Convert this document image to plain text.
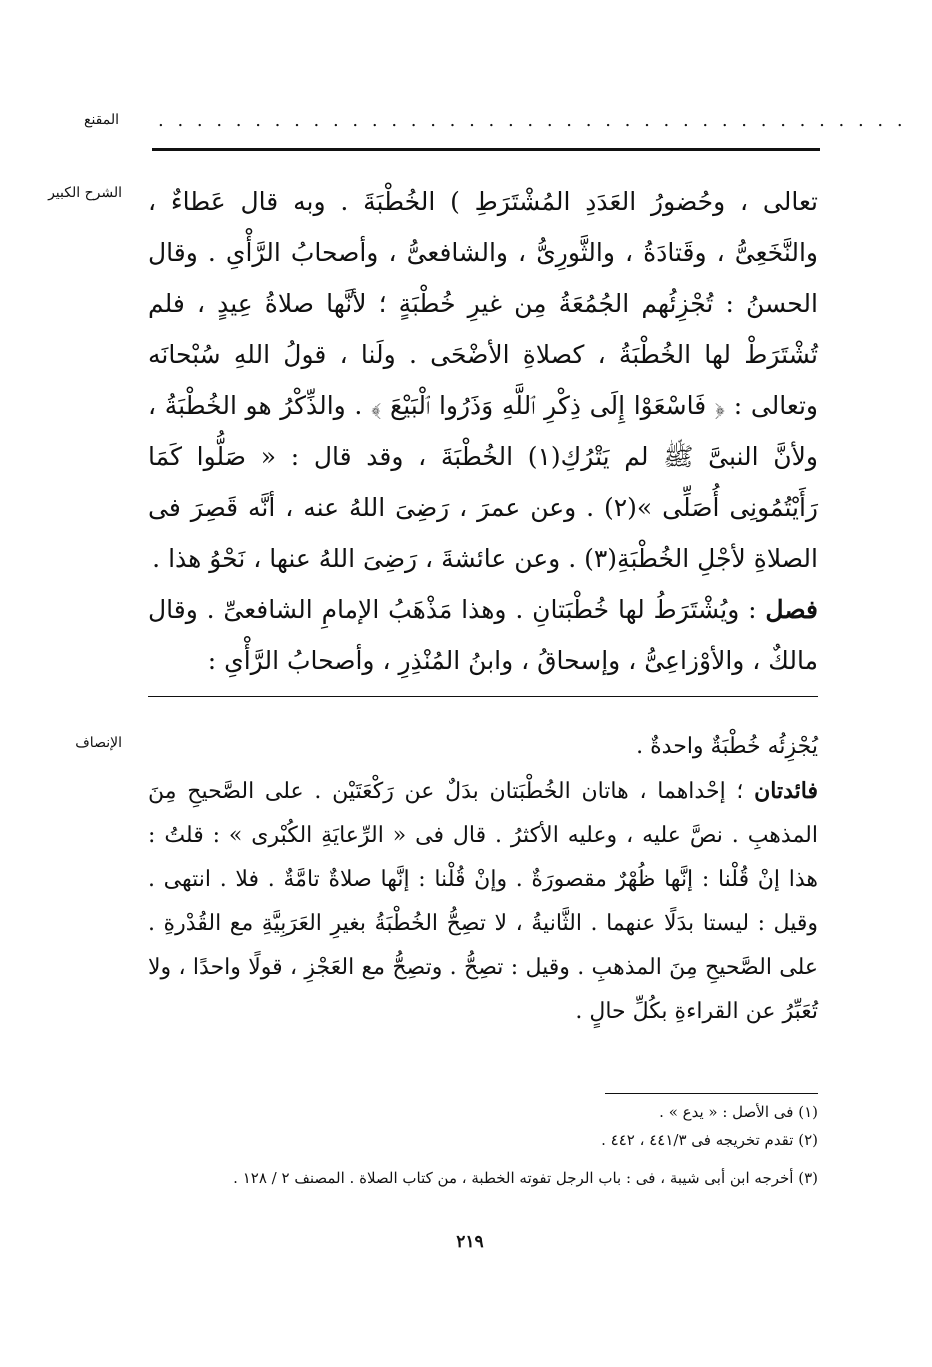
المقنع	. . . . . . . . . . . . . . . . . . . . . . . . . . . . . . . . . . . . . . .
الشرح الكبير تعالى ، وحُضورُ العَدَدِ المُشْتَرَطِ ) الخُطْبَةَ . وبه قال عَطاءٌ ، والنَّخَعِىُّ ، وقَتادَةُ ، والثَّورِىُّ ، والشافعىُّ ، وأصحابُ الرَّأْىِ . وقال الحسنُ : تُجْزِئُهم الجُمُعَةُ مِن غيرِ خُطْبَةٍ ؛ لأنَّها صلاةُ عِيدٍ ، فلم تُشْتَرَطْ لها الخُطْبَةُ ، كصلاةِ الأضْحَى . ولَنا ، قولُ اللهِ سُبْحانَه وتعالى : ﴿ فَاسْعَوْا إِلَى ذِكْرِ ٱللَّهِ وَذَرُوا ٱلْبَيْعَ ﴾ . والذِّكْرُ هو الخُطْبَةُ ، ولأنَّ النبىَّ ﷺ لم يَتْرُكِ(١) الخُطْبَةَ ، وقد قال : « صَلُّوا كَمَا رَأَيْتُمُونِى أُصَلِّى »(٢) . وعن عمرَ ، رَضِىَ اللهُ عنه ، أنَّه قَصِرَ فى الصلاةِ لأجْلِ الخُطْبَةِ(٣) . وعن عائشةَ ، رَضِىَ اللهُ عنها ، نَحْوُ هذا .

فصل : ويُشْتَرَطُ لها خُطْبَتانِ . وهذا مَذْهَبُ الإمامِ الشافعىِّ . وقال مالكٌ ، والأوْزاعِىُّ ، وإسحاقُ ، وابنُ المُنْذِرِ ، وأصحابُ الرَّأْىِ :

الإنصاف	يُجْزِئُه خُطْبَةٌ واحدةٌ .

فائدتان ؛ إحْداهما ، هاتان الخُطْبَتان بدَلٌ عن رَكْعَتَيْن . على الصَّحيحِ مِنَ المذهبِ . نصَّ عليه ، وعليه الأكثرُ . قال فى « الرِّعايَةِ الكُبْرى » : قلتُ : هذا إنْ قُلْنا : إنَّها ظُهْرٌ مقصورَةٌ . وإنْ قُلْنا : إنَّها صلاةٌ تامَّةٌ . فلا . انتهى . وقيل : ليستا بدَلًا عنهما . الثَّانيةُ ، لا تصِحُّ الخُطْبَةُ بغيرِ العَرَبِيَّةِ مع القُدْرةِ . على الصَّحيحِ مِنَ المذهبِ . وقيل : تصِحُّ . وتصِحُّ مع العَجْزِ ، قولًا واحدًا ، ولا تُعَبِّرُ عن القراءةِ بكُلِّ حالٍ .

(١) فى الأصل : « يدع » .
(٢) تقدم تخريجه فى ٤٤١/٣ ، ٤٤٢ .
(٣) أخرجه ابن أبى شيبة ، فى : باب الرجل تفوته الخطبة ، من كتاب الصلاة . المصنف ٢ / ١٢٨ .
٢١٩
